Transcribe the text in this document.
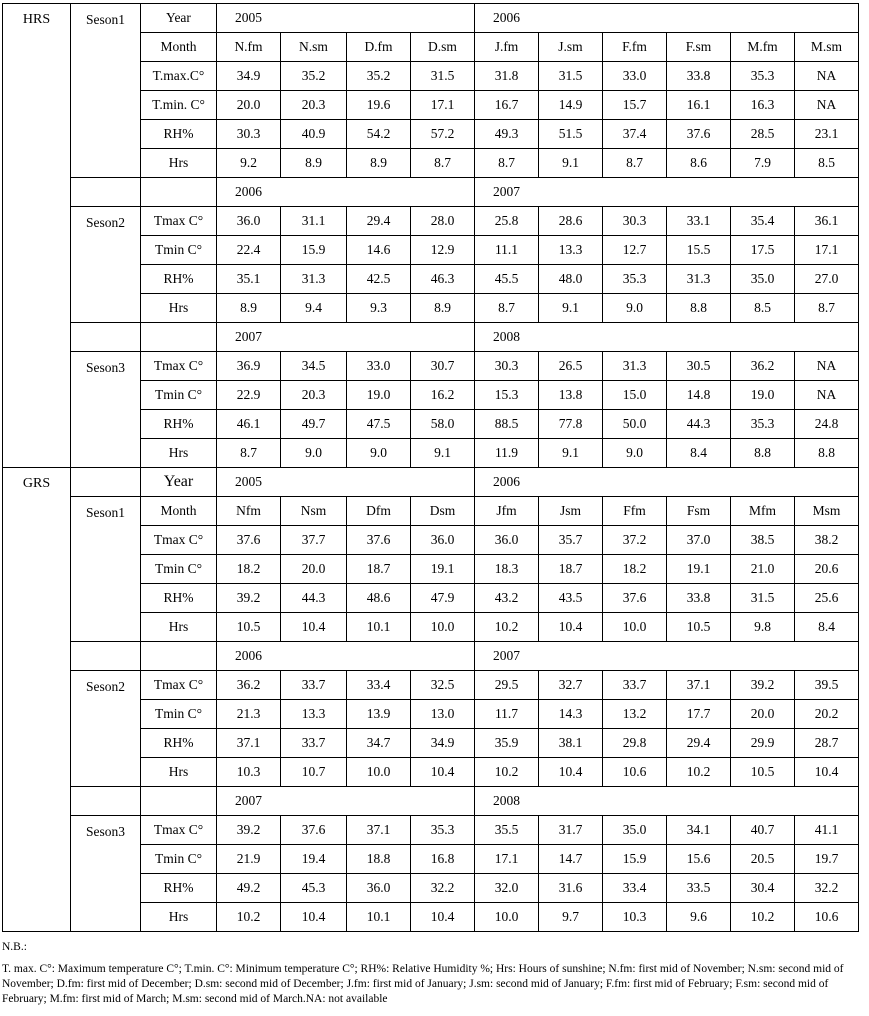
HRS	Seson1	Year	2005				2006					
		Month	N.fm	N.sm	D.fm	D.sm	J.fm	J.sm	F.fm	F.sm	M.fm	M.sm
		T.max.C°	34.9	35.2	35.2	31.5	31.8	31.5	33.0	33.8	35.3	NA
		T.min. C°	20.0	20.3	19.6	17.1	16.7	14.9	15.7	16.1	16.3	NA
		RH%	30.3	40.9	54.2	57.2	49.3	51.5	37.4	37.6	28.5	23.1
		Hrs	9.2	8.9	8.9	8.7	8.7	9.1	8.7	8.6	7.9	8.5
			2006				2007					
	Seson2	Tmax C°	36.0	31.1	29.4	28.0	25.8	28.6	30.3	33.1	35.4	36.1
		Tmin C°	22.4	15.9	14.6	12.9	11.1	13.3	12.7	15.5	17.5	17.1
		RH%	35.1	31.3	42.5	46.3	45.5	48.0	35.3	31.3	35.0	27.0
		Hrs	8.9	9.4	9.3	8.9	8.7	9.1	9.0	8.8	8.5	8.7
			2007				2008					
	Seson3	Tmax C°	36.9	34.5	33.0	30.7	30.3	26.5	31.3	30.5	36.2	NA
		Tmin C°	22.9	20.3	19.0	16.2	15.3	13.8	15.0	14.8	19.0	NA
		RH%	46.1	49.7	47.5	58.0	88.5	77.8	50.0	44.3	35.3	24.8
		Hrs	8.7	9.0	9.0	9.1	11.9	9.1	9.0	8.4	8.8	8.8
GRS		Year	2005				2006					
	Seson1	Month	Nfm	Nsm	Dfm	Dsm	Jfm	Jsm	Ffm	Fsm	Mfm	Msm
		Tmax C°	37.6	37.7	37.6	36.0	36.0	35.7	37.2	37.0	38.5	38.2
		Tmin C°	18.2	20.0	18.7	19.1	18.3	18.7	18.2	19.1	21.0	20.6
		RH%	39.2	44.3	48.6	47.9	43.2	43.5	37.6	33.8	31.5	25.6
		Hrs	10.5	10.4	10.1	10.0	10.2	10.4	10.0	10.5	9.8	8.4
			2006				2007					
	Seson2	Tmax C°	36.2	33.7	33.4	32.5	29.5	32.7	33.7	37.1	39.2	39.5
		Tmin C°	21.3	13.3	13.9	13.0	11.7	14.3	13.2	17.7	20.0	20.2
		RH%	37.1	33.7	34.7	34.9	35.9	38.1	29.8	29.4	29.9	28.7
		Hrs	10.3	10.7	10.0	10.4	10.2	10.4	10.6	10.2	10.5	10.4
			2007				2008					
	Seson3	Tmax C°	39.2	37.6	37.1	35.3	35.5	31.7	35.0	34.1	40.7	41.1
		Tmin C°	21.9	19.4	18.8	16.8	17.1	14.7	15.9	15.6	20.5	19.7
		RH%	49.2	45.3	36.0	32.2	32.0	31.6	33.4	33.5	30.4	32.2
		Hrs	10.2	10.4	10.1	10.4	10.0	9.7	10.3	9.6	10.2	10.6
N.B.:
T. max. C°: Maximum temperature C°; T.min. C°: Minimum temperature C°; RH%: Relative Humidity %; Hrs: Hours of sunshine; N.fm: first mid of November; N.sm: second mid of November; D.fm: first mid of December; D.sm: second mid of December; J.fm: first mid of January; J.sm: second mid of January; F.fm: first mid of February; F.sm: second mid of February; M.fm: first mid of March; M.sm: second mid of March.NA: not available
